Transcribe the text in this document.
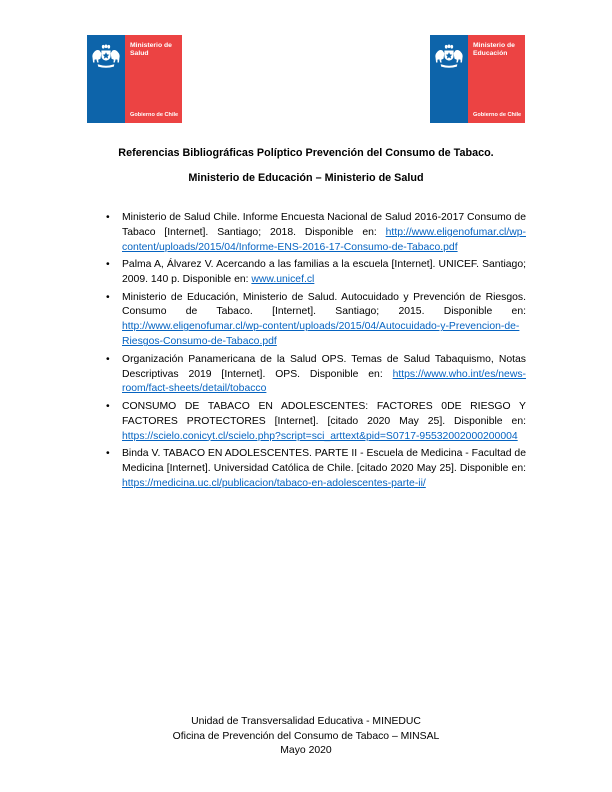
Ministerio de Salud
Gobierno de Chile
Ministerio de Educación
Gobierno de Chile
Referencias Bibliográficas Políptico Prevención del Consumo de Tabaco.
Ministerio de Educación – Ministerio de Salud
• Ministerio de Salud Chile. Informe Encuesta Nacional de Salud 2016-2017 Consumo de Tabaco [Internet]. Santiago; 2018. Disponible en: http://www.eligenofumar.cl/wp-content/uploads/2015/04/Informe-ENS-2016-17-Consumo-de-Tabaco.pdf
• Palma A, Álvarez V. Acercando a las familias a la escuela [Internet]. UNICEF. Santiago; 2009. 140 p. Disponible en: www.unicef.cl
• Ministerio de Educación, Ministerio de Salud. Autocuidado y Prevención de Riesgos. Consumo de Tabaco. [Internet]. Santiago; 2015. Disponible en: http://www.eligenofumar.cl/wp-content/uploads/2015/04/Autocuidado-y-Prevencion-de-Riesgos-Consumo-de-Tabaco.pdf
• Organización Panamericana de la Salud OPS. Temas de Salud Tabaquismo, Notas Descriptivas 2019 [Internet]. OPS. Disponible en: https://www.who.int/es/news-room/fact-sheets/detail/tobacco
• CONSUMO DE TABACO EN ADOLESCENTES: FACTORES 0DE RIESGO Y FACTORES PROTECTORES [Internet]. [citado 2020 May 25]. Disponible en: https://scielo.conicyt.cl/scielo.php?script=sci_arttext&pid=S0717-95532002000200004
• Binda V. TABACO EN ADOLESCENTES. PARTE II - Escuela de Medicina - Facultad de Medicina [Internet]. Universidad Católica de Chile. [citado 2020 May 25]. Disponible en: https://medicina.uc.cl/publicacion/tabaco-en-adolescentes-parte-ii/
Unidad de Transversalidad Educativa - MINEDUC
Oficina de Prevención del Consumo de Tabaco – MINSAL
Mayo 2020
